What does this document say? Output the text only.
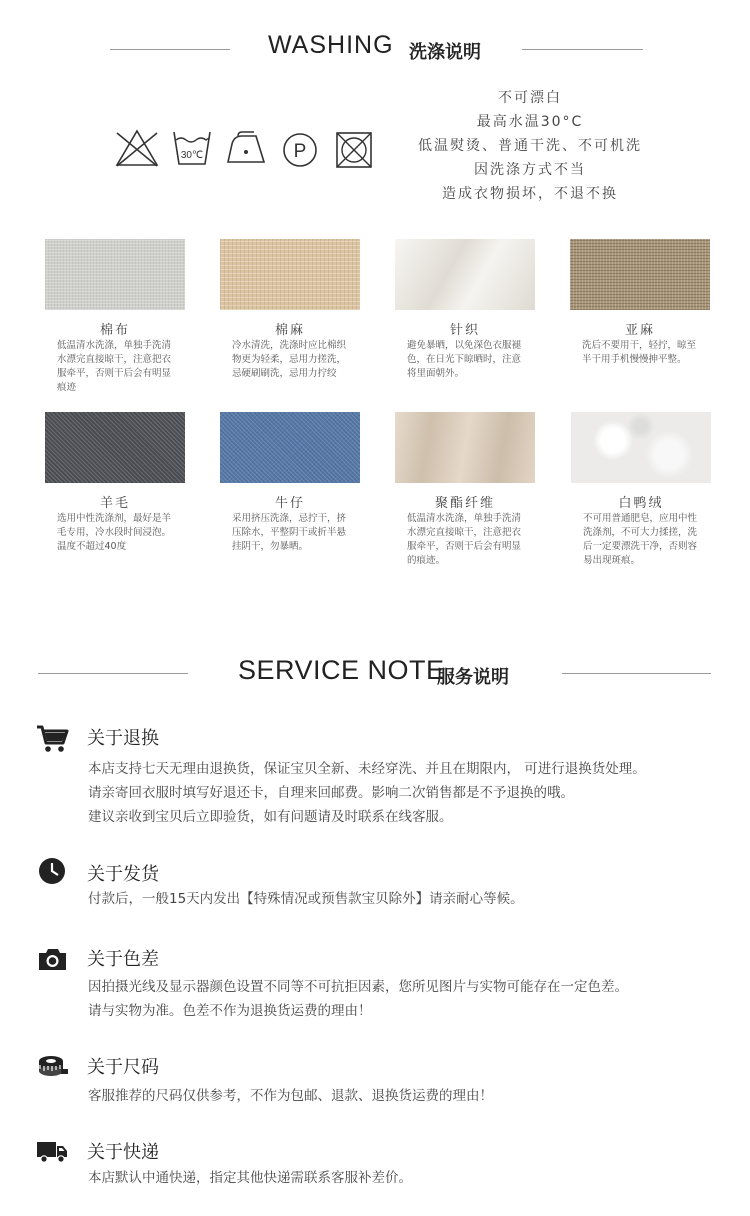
WASHING 洗涤说明
30℃	P
不可漂白
最高水温30°C
低温熨烫、普通干洗、不可机洗
因洗涤方式不当
造成衣物损坏，不退不换
棉布
低温清水洗涤，单独手洗清水漂完直接晾干，注意把衣服牵平，否则干后会有明显痕迹
棉麻
冷水清洗，洗涤时应比棉织物更为轻柔，忌用力搓洗，忌硬刷刷洗，忌用力拧绞
针织
避免暴晒，以免深色衣服褪色，在日光下晾晒时，注意将里面朝外。
亚麻
洗后不要用干，轻拧，晾至半干用手机慢慢抻平整。
羊毛
选用中性洗涤剂，最好是羊毛专用，冷水段时间浸泡。温度不超过40度
牛仔
采用挤压洗涤，忌拧干，挤压除水，平整阴干或折半悬挂阴干，勿暴晒。
聚酯纤维
低温清水洗涤，单独手洗清水漂完直接晾干，注意把衣服牵平，否则干后会有明显的痕迹。
白鸭绒
不可用普通肥皂，应用中性洗涤剂，不可大力揉搓，洗后一定要漂洗干净，否则容易出现斑痕。
SERVICE NOTE
服务说明
关于退换
本店支持七天无理由退换货，保证宝贝全新、未经穿洗、并且在期限内， 可进行退换货处理。
请亲寄回衣服时填写好退还卡，自理来回邮费。影响二次销售都是不予退换的哦。
建议亲收到宝贝后立即验货，如有问题请及时联系在线客服。
关于发货
付款后，一般15天内发出【特殊情况或预售款宝贝除外】请亲耐心等候。
关于色差
因拍摄光线及显示器颜色设置不同等不可抗拒因素，您所见图片与实物可能存在一定色差。
请与实物为准。色差不作为退换货运费的理由！
关于尺码
客服推荐的尺码仅供参考，不作为包邮、退款、退换货运费的理由！
关于快递
本店默认中通快递，指定其他快递需联系客服补差价。
